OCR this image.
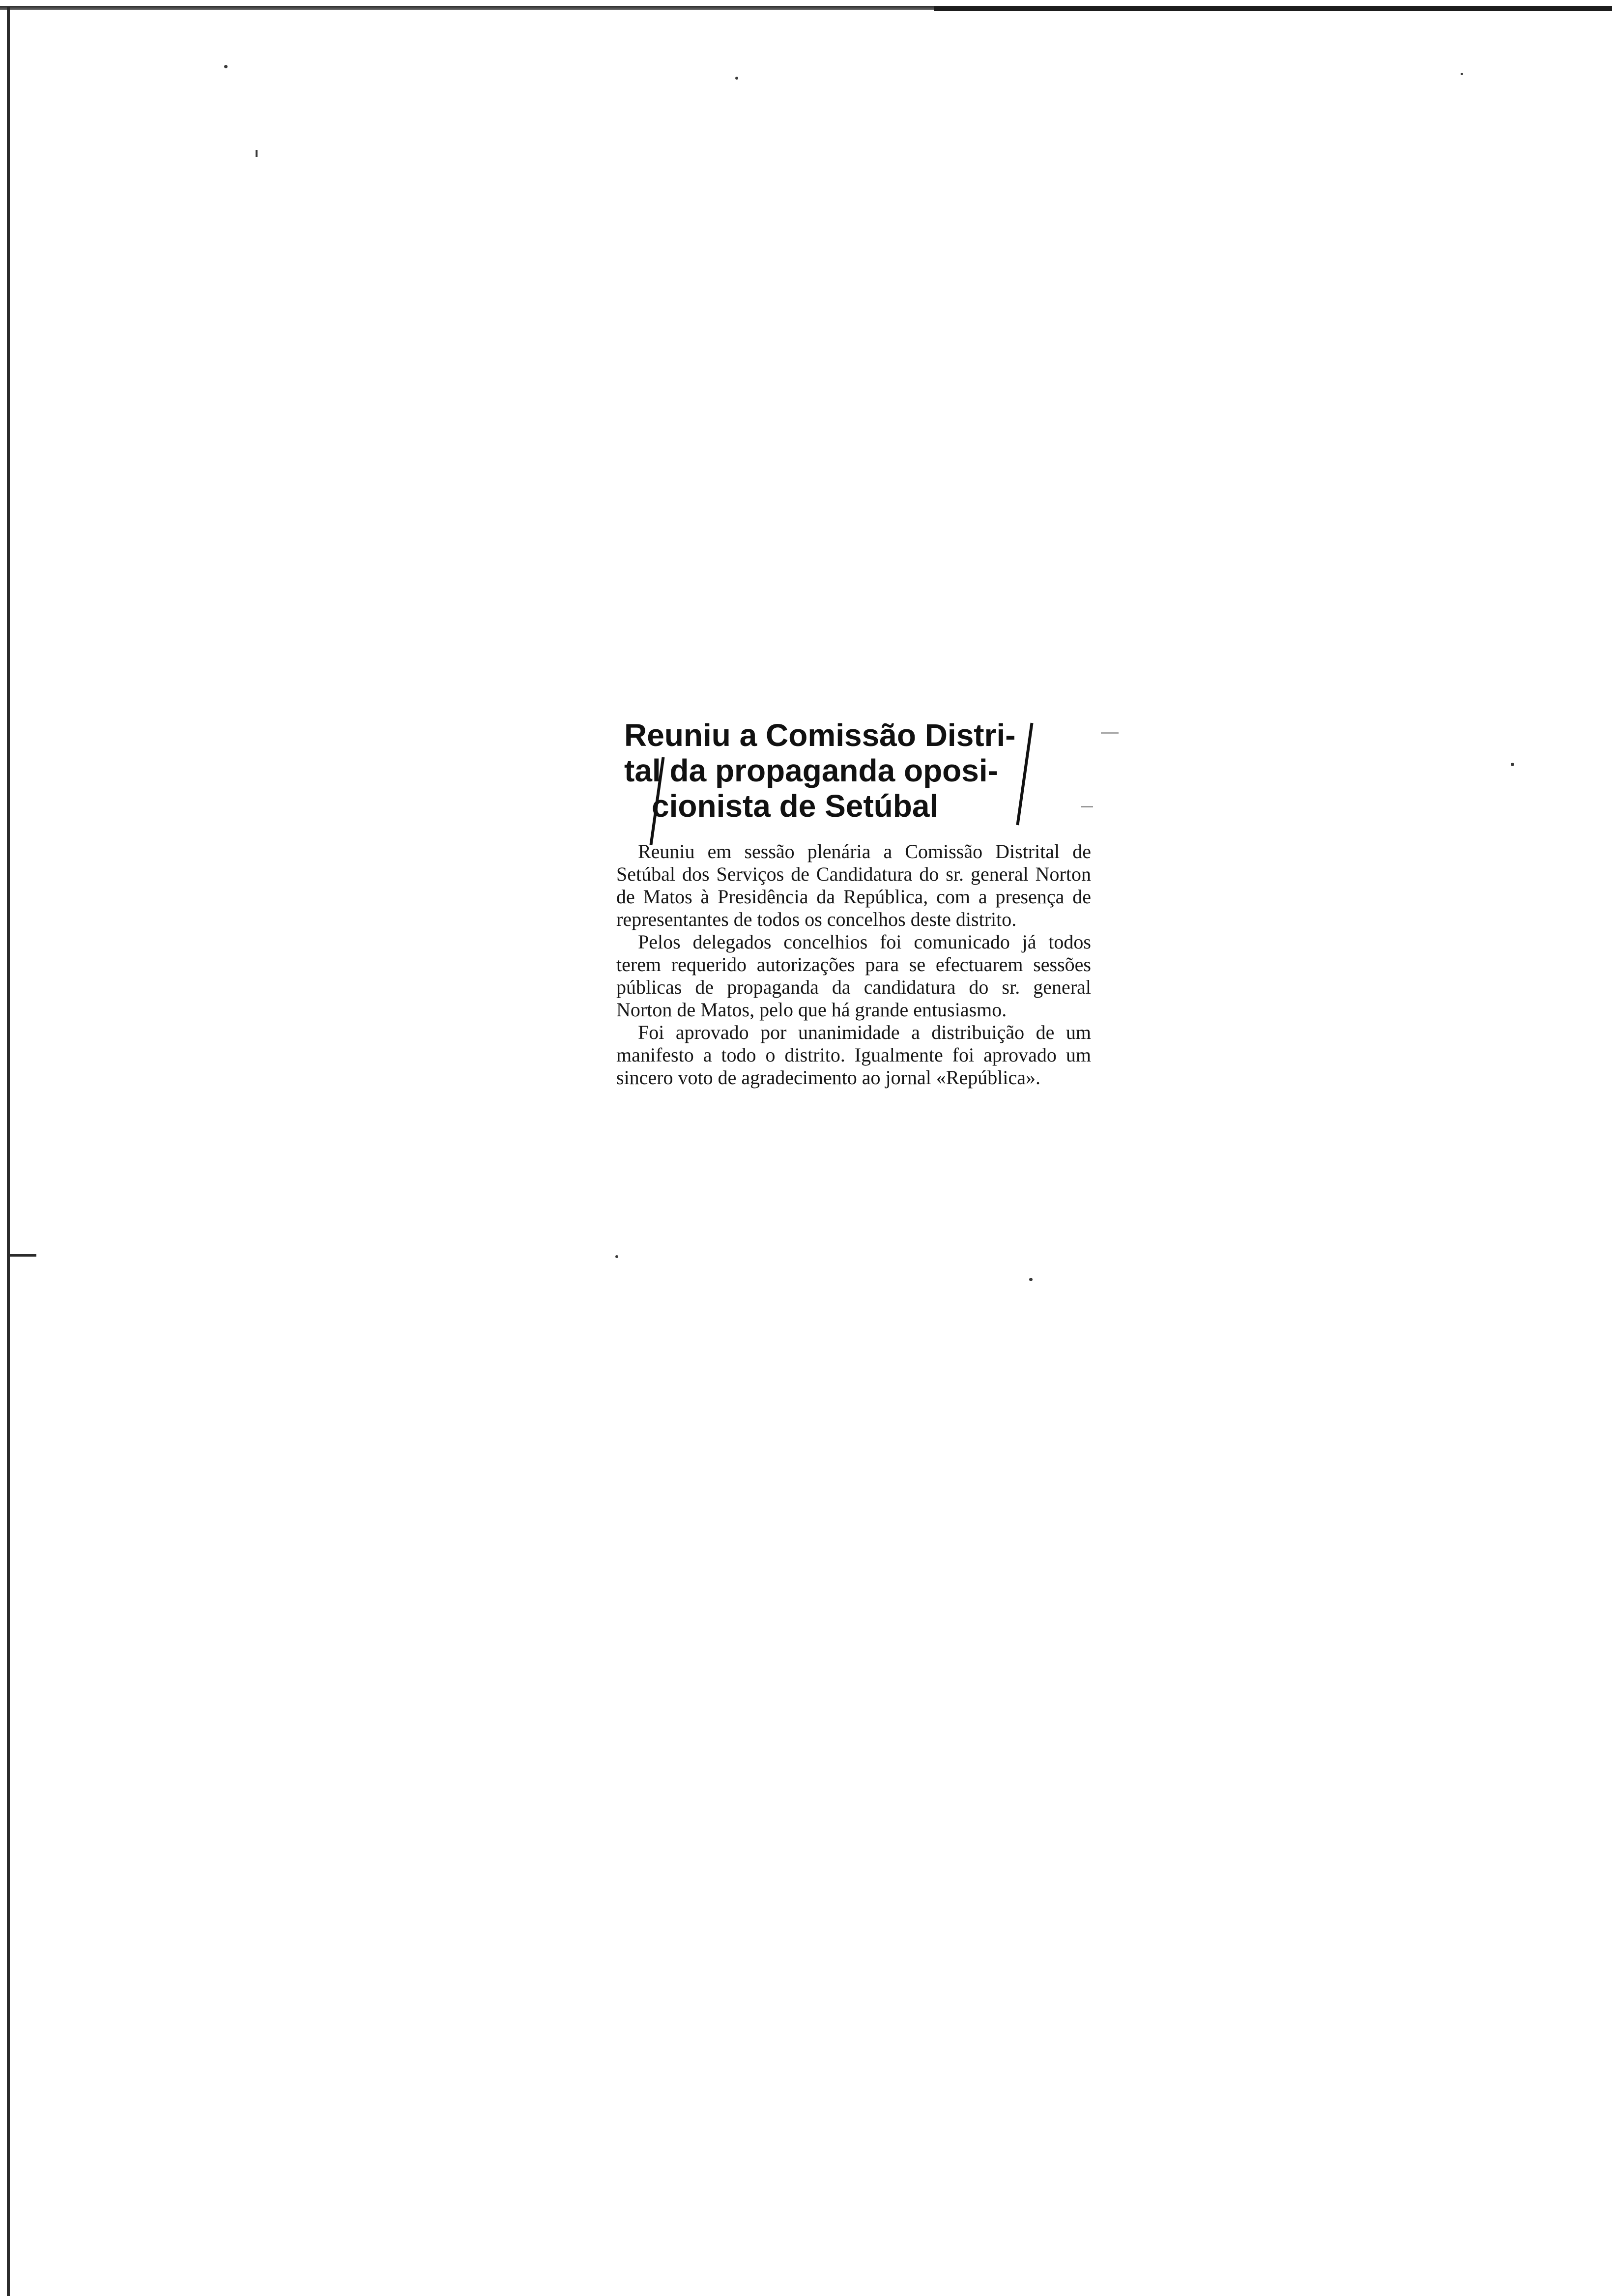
Reuniu a Comissão Distri-
tal da propaganda oposi-
cionista de Setúbal

Reuniu em sessão plenária a Comissão Distrital de Setúbal dos Serviços de Candidatura do sr. general Norton de Matos à Presidência da República, com a presença de representantes de todos os concelhos deste distrito.

Pelos delegados concelhios foi comunicado já todos terem requerido autorizações para se efectuarem sessões públicas de propaganda da candidatura do sr. general Norton de Matos, pelo que há grande entusiasmo.

Foi aprovado por unanimidade a distribuição de um manifesto a todo o distrito. Igualmente foi aprovado um sincero voto de agradecimento ao jornal «República».
